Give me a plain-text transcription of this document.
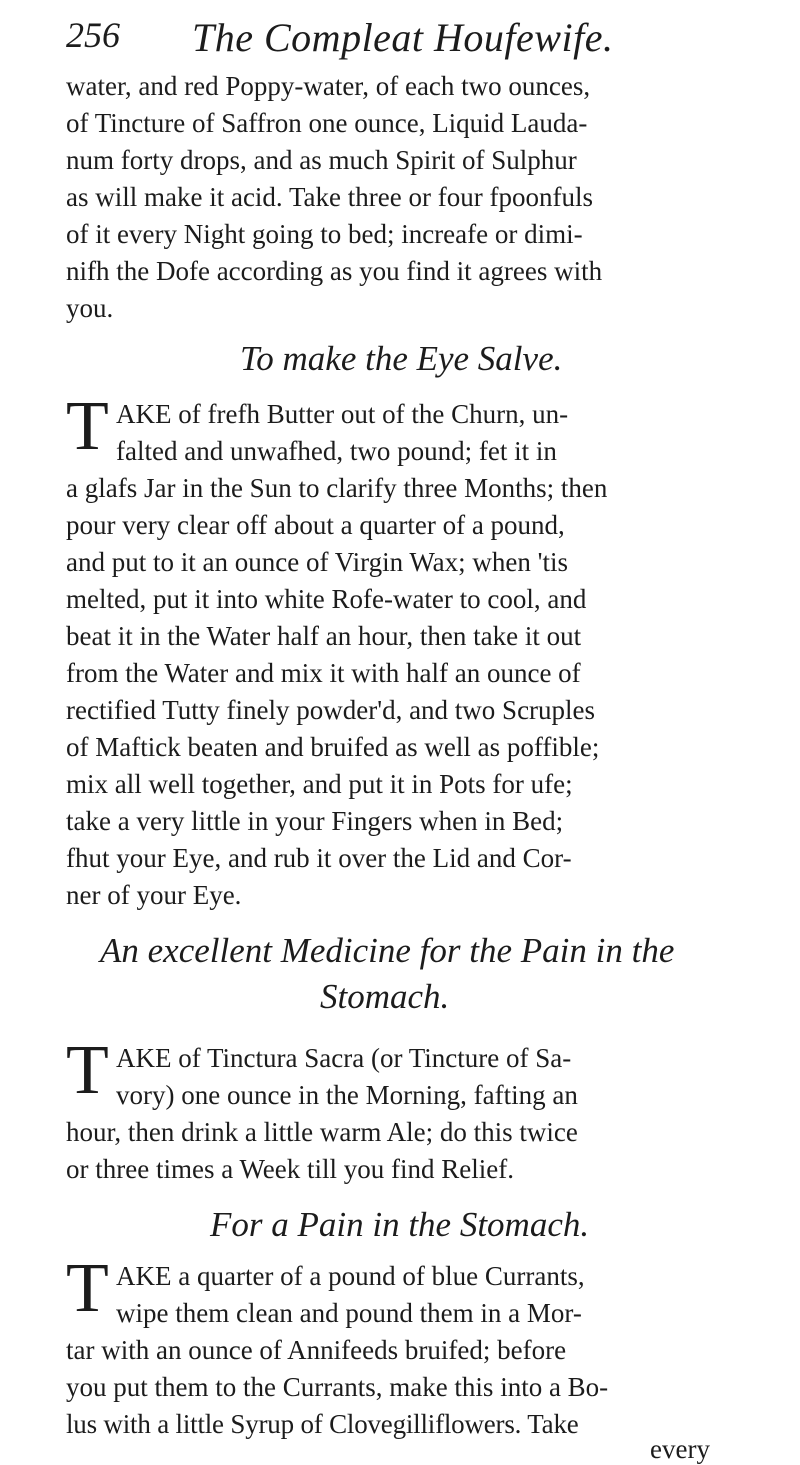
256 The Compleat Houfewife.
water, and red Poppy-water, of each two ounces,
of Tincture of Saffron one ounce, Liquid Lauda-
num forty drops, and as much Spirit of Sulphur
as will make it acid. Take three or four fpoonfuls
of it every Night going to bed; increafe or dimi-
nifh the Dofe according as you find it agrees with
you.
To make the Eye Salve.
T AKE of frefh Butter out of the Churn, un-
falted and unwafhed, two pound; fet it in
a glafs Jar in the Sun to clarify three Months; then
pour very clear off about a quarter of a pound,
and put to it an ounce of Virgin Wax; when 'tis
melted, put it into white Rofe-water to cool, and
beat it in the Water half an hour, then take it out
from the Water and mix it with half an ounce of
rectified Tutty finely powder'd, and two Scruples
of Maftick beaten and bruifed as well as poffible;
mix all well together, and put it in Pots for ufe;
take a very little in your Fingers when in Bed;
fhut your Eye, and rub it over the Lid and Cor-
ner of your Eye.
An excellent Medicine for the Pain in the
Stomach.
T AKE of Tinctura Sacra (or Tincture of Sa-
vory) one ounce in the Morning, fafting an
hour, then drink a little warm Ale; do this twice
or three times a Week till you find Relief.
For a Pain in the Stomach.
T AKE a quarter of a pound of blue Currants,
wipe them clean and pound them in a Mor-
tar with an ounce of Annifeeds bruifed; before
you put them to the Currants, make this into a Bo-
lus with a little Syrup of Clovegilliflowers. Take
every
